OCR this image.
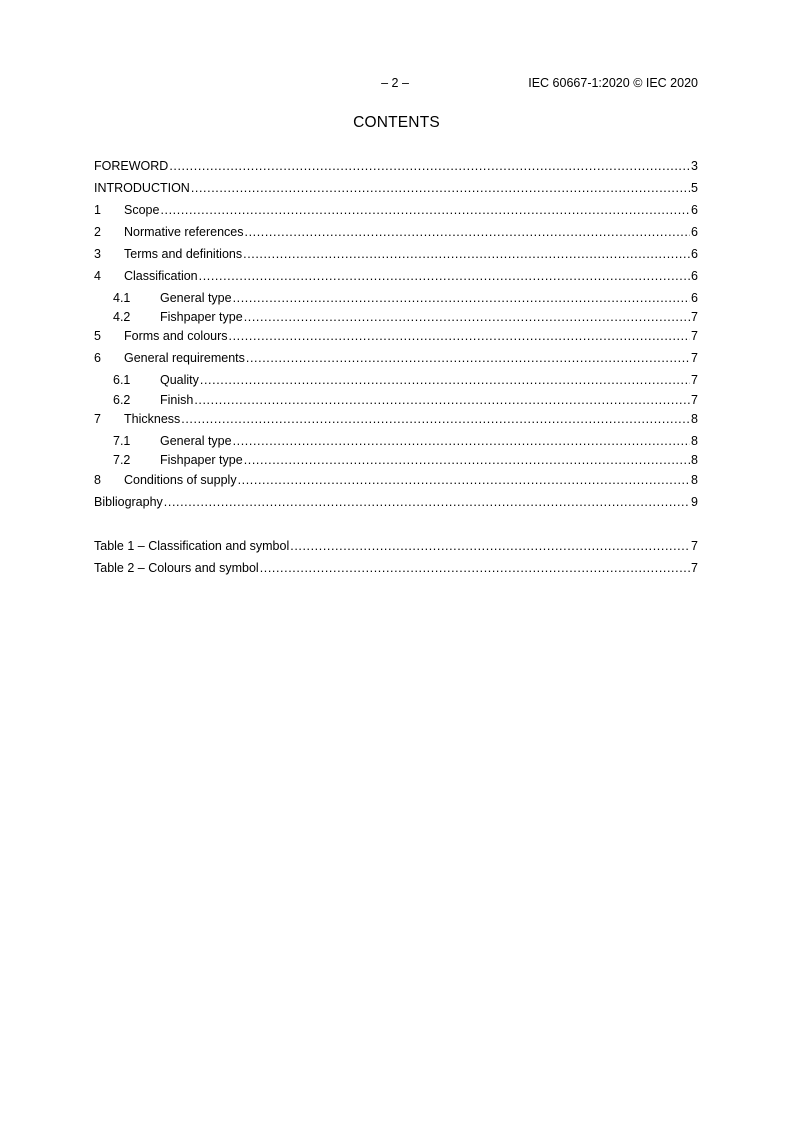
– 2 –	IEC 60667-1:2020 © IEC 2020
CONTENTS
FOREWORD .....	3
INTRODUCTION .....	5
1	Scope .....	6
2	Normative references .....	6
3	Terms and definitions .....	6
4	Classification .....	6
4.1	General type .....	6
4.2	Fishpaper type .....	7
5	Forms and colours .....	7
6	General requirements .....	7
6.1	Quality .....	7
6.2	Finish .....	7
7	Thickness .....	8
7.1	General type .....	8
7.2	Fishpaper type .....	8
8	Conditions of supply .....	8
Bibliography .....	9
Table 1 – Classification and symbol .....	7
Table 2 – Colours and symbol .....	7
